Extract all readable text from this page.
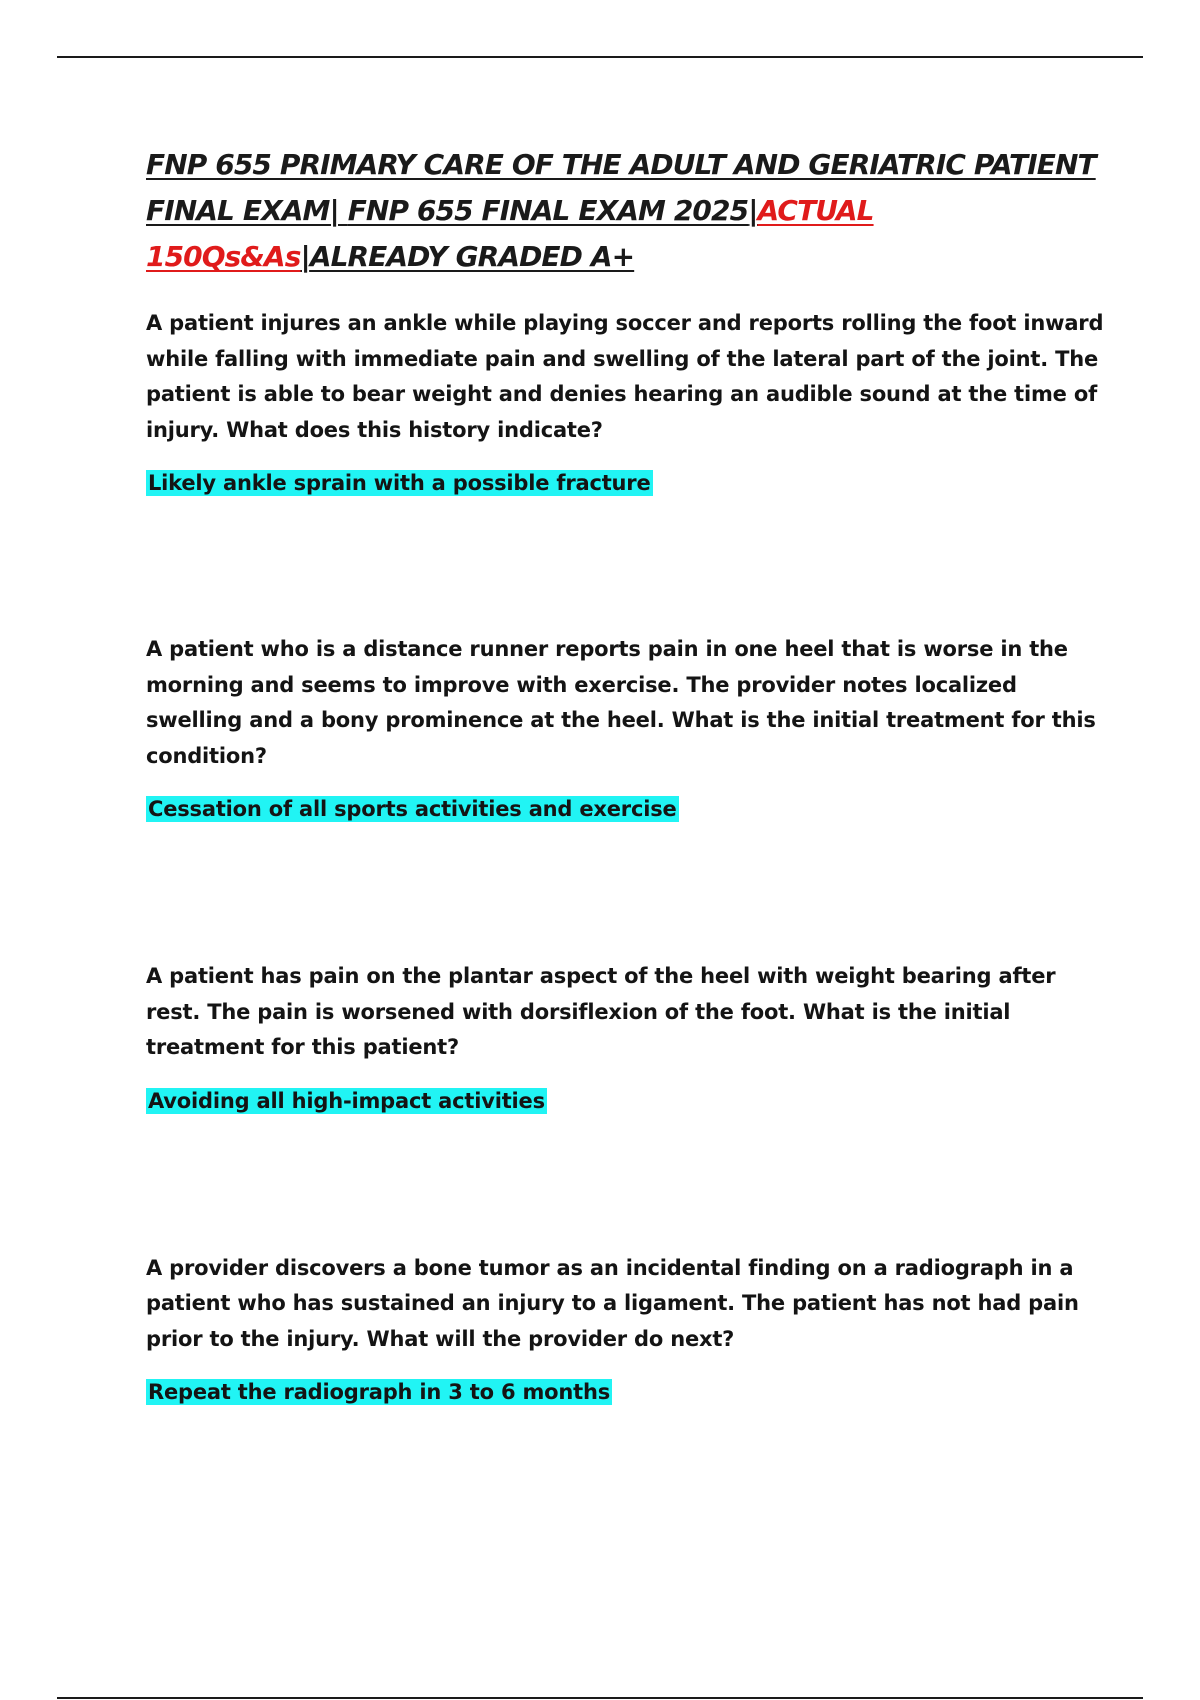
FNP 655 PRIMARY CARE OF THE ADULT AND GERIATRIC PATIENT FINAL EXAM| FNP 655 FINAL EXAM 2025|ACTUAL 150Qs&As|ALREADY GRADED A+

A patient injures an ankle while playing soccer and reports rolling the foot inward while falling with immediate pain and swelling of the lateral part of the joint. The patient is able to bear weight and denies hearing an audible sound at the time of injury. What does this history indicate?

Likely ankle sprain with a possible fracture

A patient who is a distance runner reports pain in one heel that is worse in the morning and seems to improve with exercise. The provider notes localized swelling and a bony prominence at the heel. What is the initial treatment for this condition?

Cessation of all sports activities and exercise

A patient has pain on the plantar aspect of the heel with weight bearing after rest. The pain is worsened with dorsiflexion of the foot. What is the initial treatment for this patient?

Avoiding all high-impact activities

A provider discovers a bone tumor as an incidental finding on a radiograph in a patient who has sustained an injury to a ligament. The patient has not had pain prior to the injury. What will the provider do next?

Repeat the radiograph in 3 to 6 months
